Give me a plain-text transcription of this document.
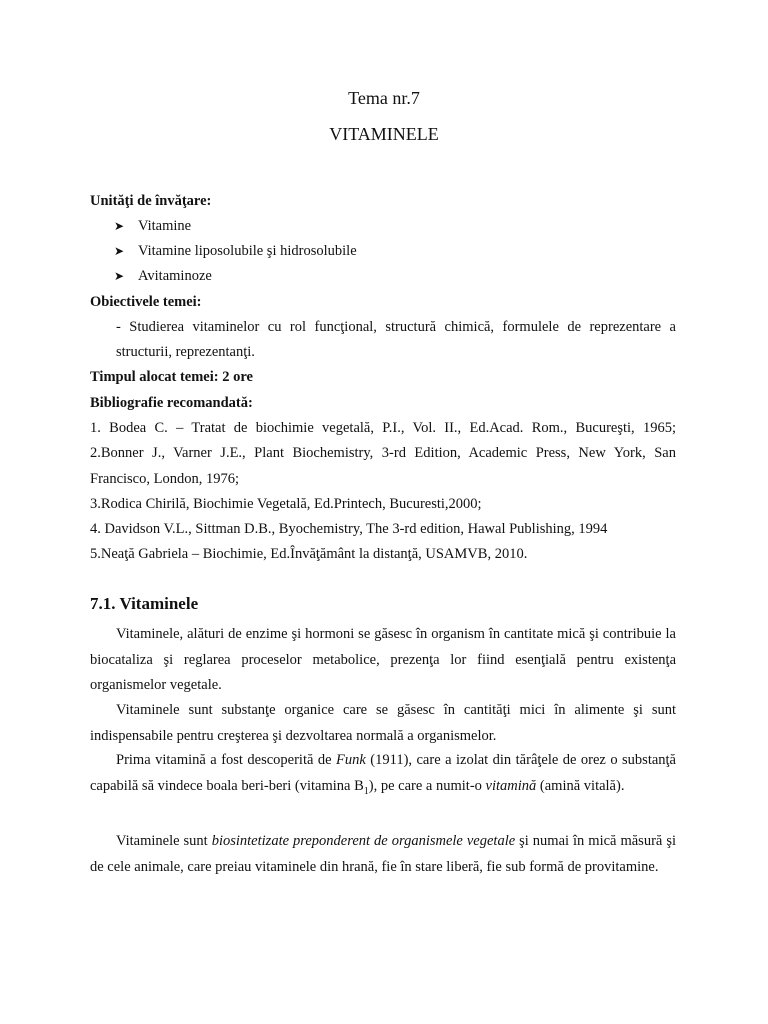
Tema nr.7
VITAMINELE
Unităţi de învăţare:
➤ Vitamine
➤ Vitamine liposolubile şi hidrosolubile
➤ Avitaminoze
Obiectivele temei:
- Studierea vitaminelor cu rol funcţional, structură chimică, formulele de reprezentare a
structurii, reprezentanţi.
Timpul alocat temei: 2 ore
Bibliografie recomandată:
1. Bodea C. – Tratat de biochimie vegetală, P.I., Vol. II., Ed.Acad. Rom., Bucureşti, 1965;
2.Bonner J., Varner J.E., Plant Biochemistry, 3-rd Edition, Academic Press, New York, San
Francisco, London, 1976;
3.Rodica Chirilă, Biochimie Vegetală, Ed.Printech, Bucuresti,2000;
4. Davidson V.L., Sittman D.B., Byochemistry, The 3-rd edition, Hawal Publishing, 1994
5.Neaţă Gabriela – Biochimie, Ed.Învăţământ la distanţă, USAMVB, 2010.
7.1. Vitaminele
Vitaminele, alături de enzime şi hormoni se găsesc în organism în cantitate mică şi contribuie la biocataliza şi reglarea proceselor metabolice, prezenţa lor fiind esenţială pentru existenţa organismelor vegetale.
Vitaminele sunt substanţe organice care se găsesc în cantităţi mici în alimente şi sunt indispensabile pentru creşterea şi dezvoltarea normală a organismelor.
Prima vitamină a fost descoperită de Funk (1911), care a izolat din tărâţele de orez o substanţă capabilă să vindece boala beri-beri (vitamina $B_1$), pe care a numit-o vitamină (amină vitală).
Vitaminele sunt biosintetizate preponderent de organismele vegetale şi numai în mică măsură şi de cele animale, care preiau vitaminele din hrană, fie în stare liberă, fie sub formă de provitamine.
